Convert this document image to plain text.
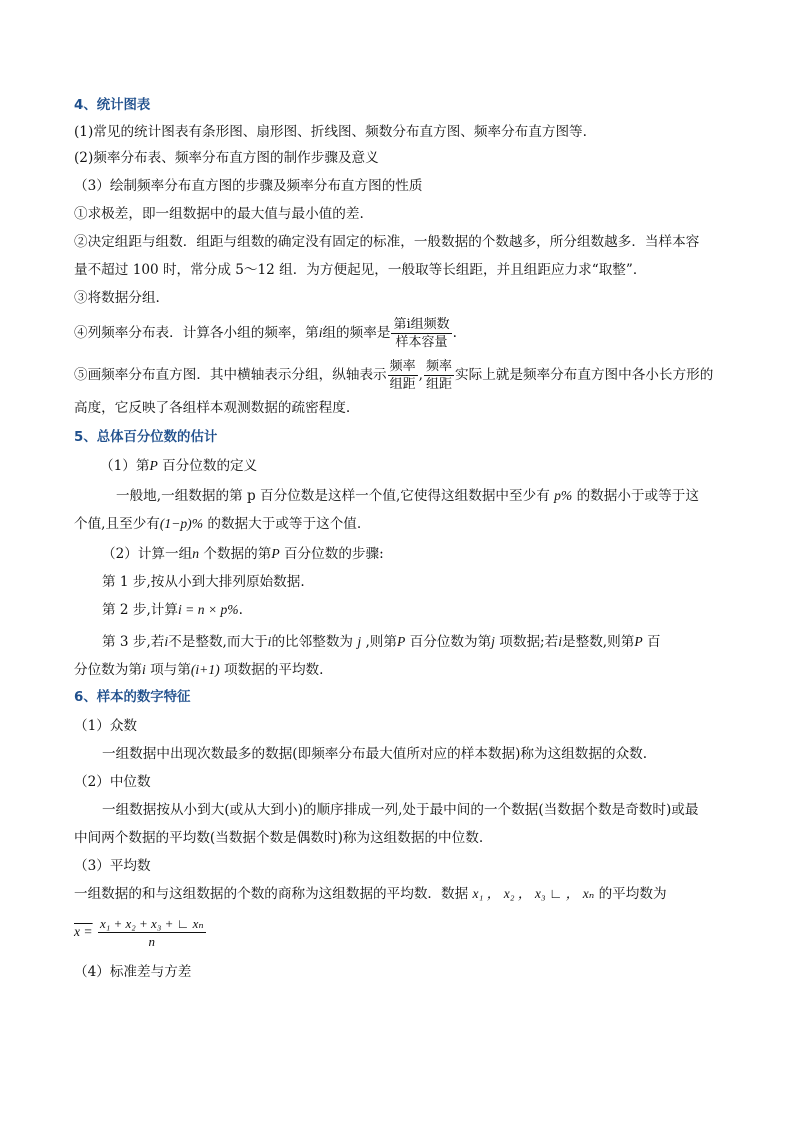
4、统计图表
(1)常见的统计图表有条形图、扇形图、折线图、频数分布直方图、频率分布直方图等.
(2)频率分布表、频率分布直方图的制作步骤及意义
（3）绘制频率分布直方图的步骤及频率分布直方图的性质
①求极差，即一组数据中的最大值与最小值的差.
②决定组距与组数．组距与组数的确定没有固定的标准，一般数据的个数越多，所分组数越多．当样本容
量不超过 100 时，常分成 5～12 组．为方便起见，一般取等长组距，并且组距应力求“取整”．
③将数据分组.
④列频率分布表．计算各小组的频率，第i组的频率是 $\frac{\text{第i组频数}}{\text{样本容量}}$ .
⑤画频率分布直方图．其中横轴表示分组，纵轴表示 $\frac{\text{频率}}{\text{组距}}$ , $\frac{\text{频率}}{\text{组距}}$ 实际上就是频率分布直方图中各小长方形的
高度，它反映了各组样本观测数据的疏密程度.
5、总体百分位数的估计
（1）第P 百分位数的定义
一般地,一组数据的第 p 百分位数是这样一个值,它使得这组数据中至少有 p% 的数据小于或等于这
个值,且至少有(1−p)% 的数据大于或等于这个值.
（2）计算一组n 个数据的第P 百分位数的步骤:
第 1 步,按从小到大排列原始数据.
第 2 步,计算i = n × p%.
第 3 步,若i不是整数,而大于i的比邻整数为 j ,则第P 百分位数为第j 项数据;若i是整数,则第P 百
分位数为第i 项与第(i+1) 项数据的平均数.
6、样本的数字特征
（1）众数
一组数据中出现次数最多的数据(即频率分布最大值所对应的样本数据)称为这组数据的众数.
（2）中位数
一组数据按从小到大(或从大到小)的顺序排成一列,处于最中间的一个数据(当数据个数是奇数时)或最
中间两个数据的平均数(当数据个数是偶数时)称为这组数据的中位数.
（3）平均数
一组数据的和与这组数据的个数的商称为这组数据的平均数．数据 x₁ ， x₂ ， x₃ ∟ ， xₙ 的平均数为
$x = \frac{\text{x₁ + x₂ + x₃ + ∟ xₙ}}{n}$
（4）标准差与方差
